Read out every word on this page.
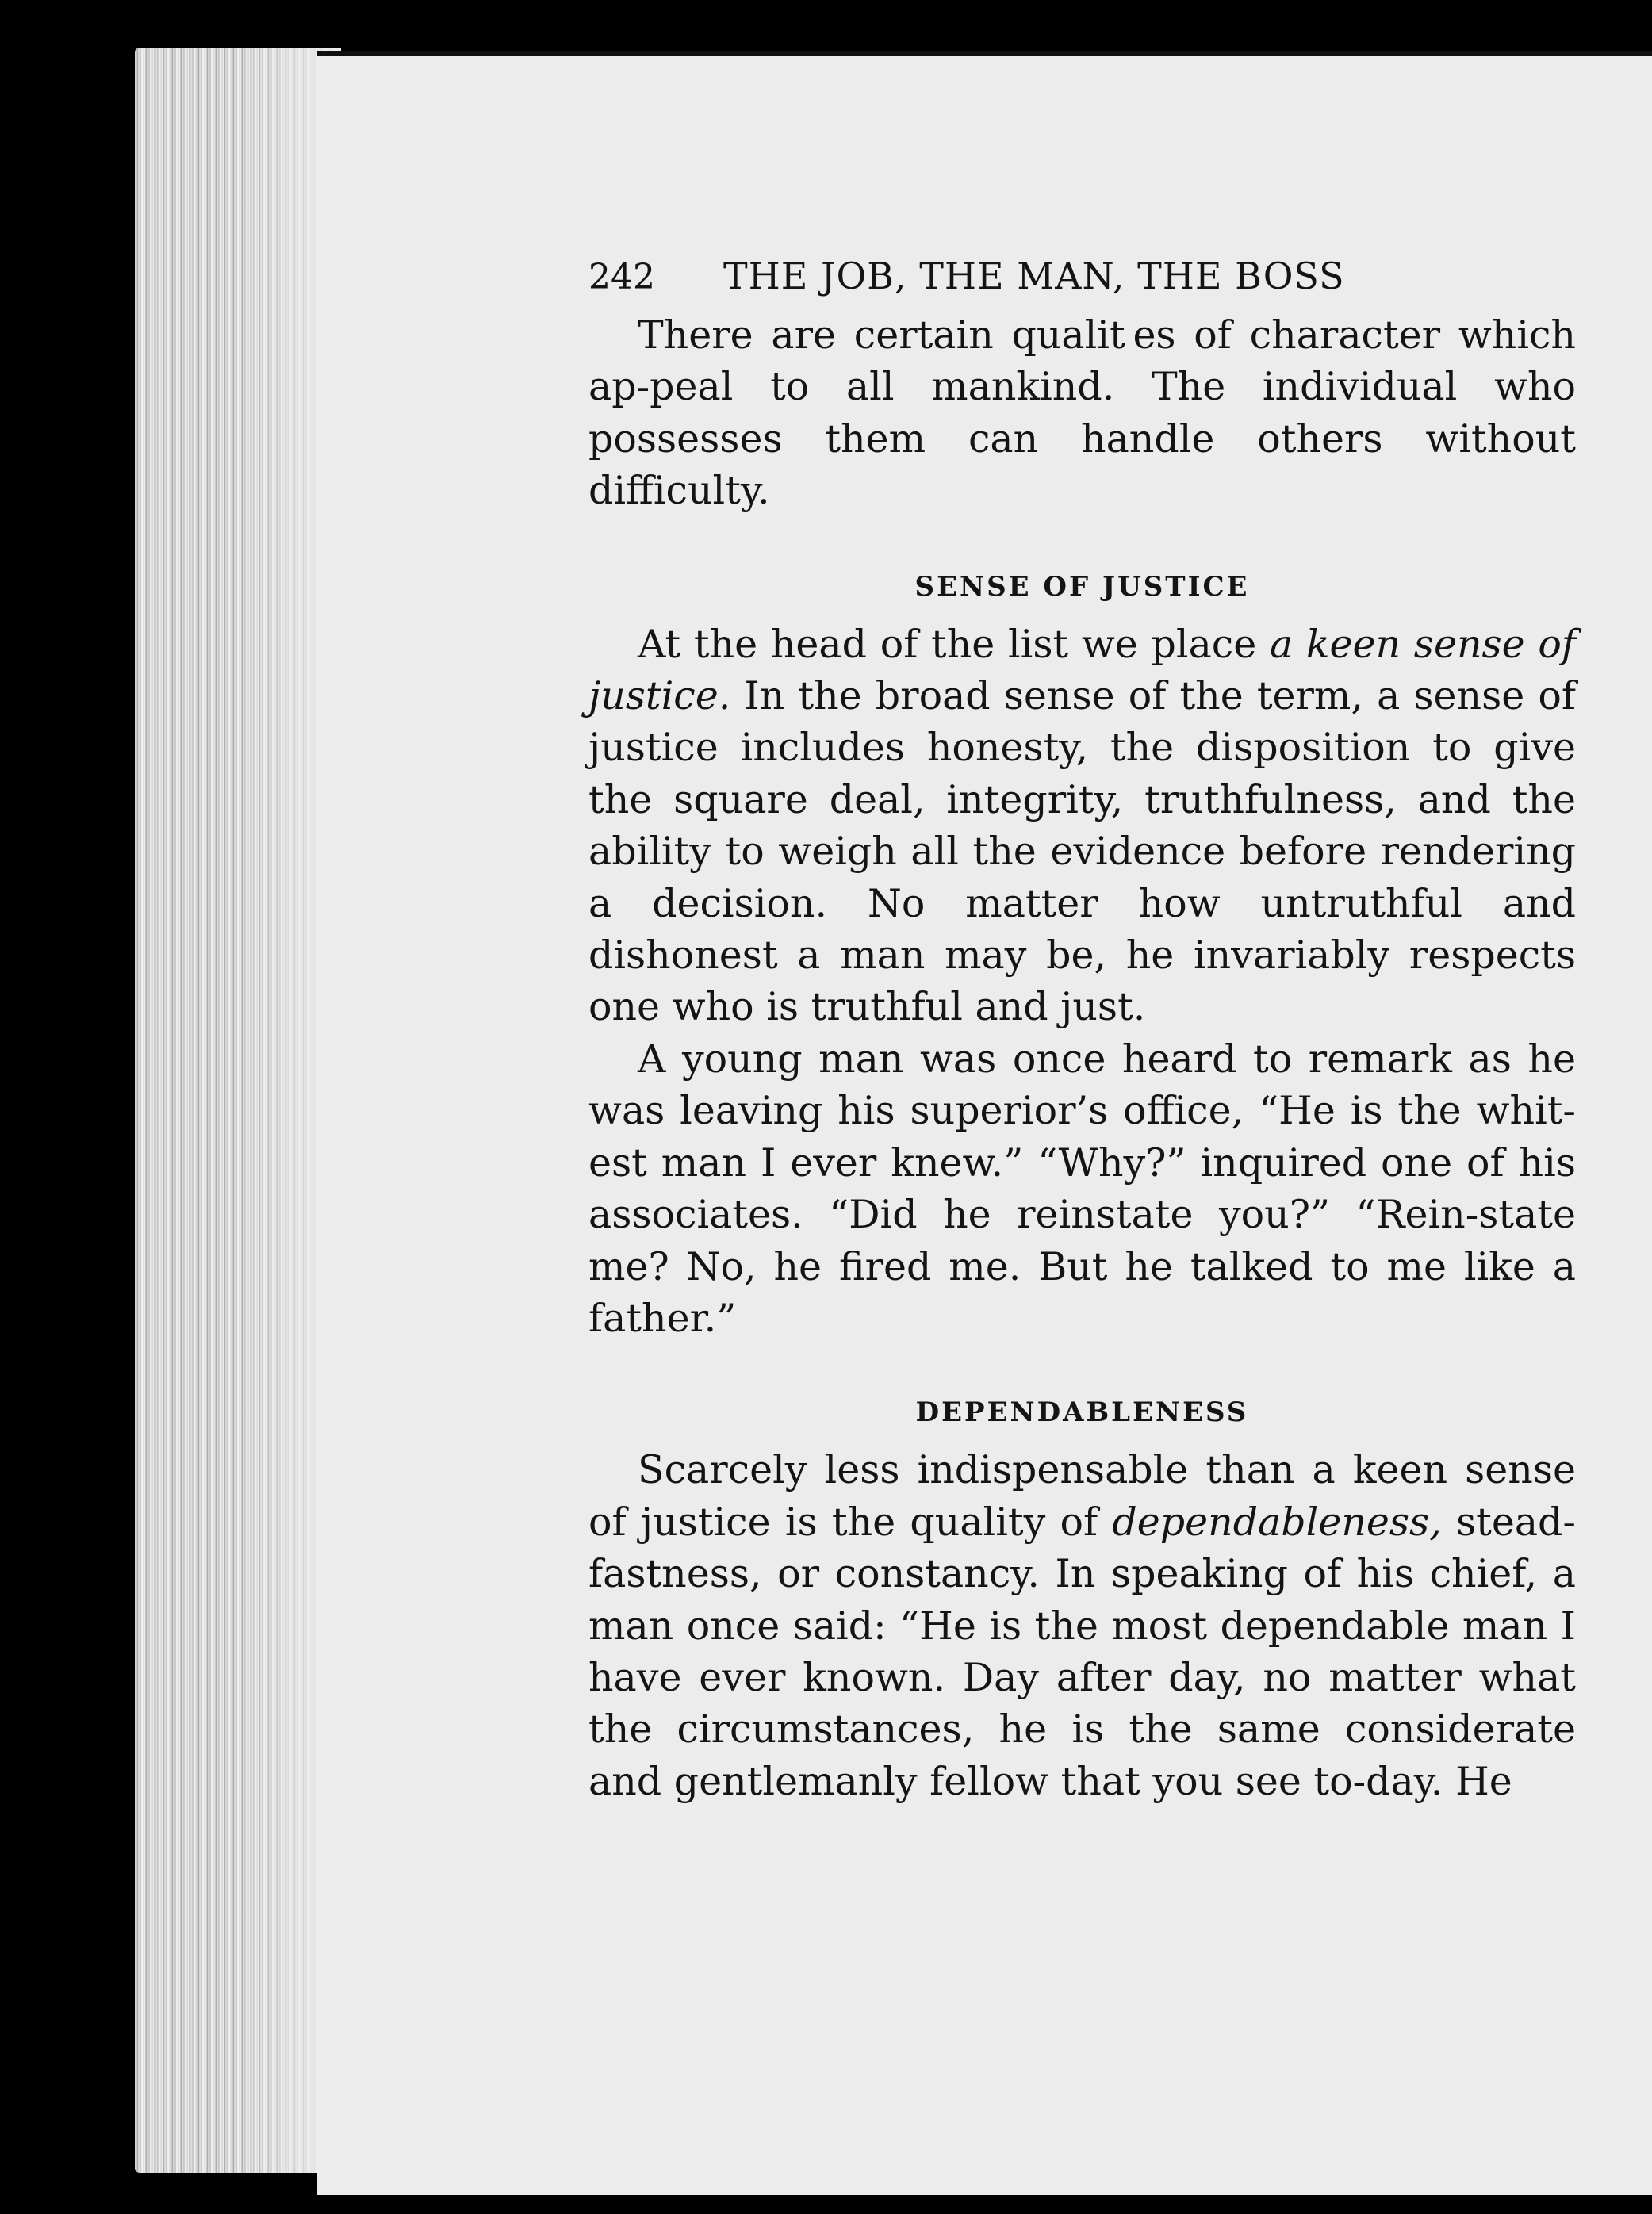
242	THE JOB, THE MAN, THE BOSS

There are certain qualit es of character which ap-peal to all mankind. The individual who possesses them can handle others without difficulty.

SENSE OF JUSTICE

At the head of the list we place a keen sense of justice. In the broad sense of the term, a sense of justice includes honesty, the disposition to give the square deal, integrity, truthfulness, and the ability to weigh all the evidence before rendering a decision. No matter how untruthful and dishonest a man may be, he invariably respects one who is truthful and just.

A young man was once heard to remark as he was leaving his superior’s office, “He is the whit-est man I ever knew.” “Why?” inquired one of his associates. “Did he reinstate you?” “Rein-state me? No, he fired me. But he talked to me like a father.”

DEPENDABLENESS

Scarcely less indispensable than a keen sense of justice is the quality of dependableness, stead-fastness, or constancy. In speaking of his chief, a man once said: “He is the most dependable man I have ever known. Day after day, no matter what the circumstances, he is the same considerate and gentlemanly fellow that you see to-day. He
